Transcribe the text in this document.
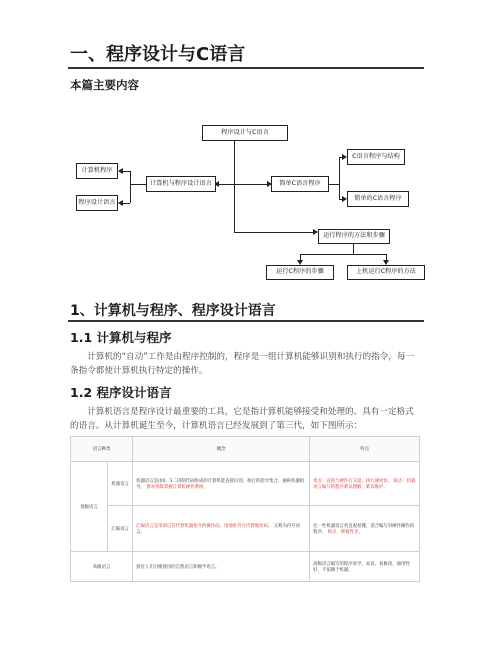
一、程序设计与C语言
本篇主要内容
程序设计与C语言
计算机与程序设计语言
计算机程序
程序设计语言
简单C语言程序
C语言程序与结构
简单的C语言程序
运行程序的方法和步骤
运行C程序的步骤	上机运行C程序的方法
1、计算机与程序、程序设计语言
1.1 计算机与程序
计算机的“自动”工作是由程序控制的，程序是一组计算机能够识别和执行的指令，每一条指令都使计算机执行特定的操作。
1.2 程序设计语言
计算机语言是程序设计最重要的工具，它是指计算机能够接受和处理的、具有一定格式的语言。从计算机诞生至今，计算机语言已经发展到了第三代，如下图所示：
语言种类		概念	特点
低级语言	机器语言	机器语言是由0、1二进制代码组成的计算机能直接识别，执行的指令集合，通称机器指令。 要求熟练掌握计算机硬件系统。	优点：直接与硬件打交道，执行速度快。 缺点：机器语言编写的程序难以理解，难以维护。
	汇编语言	汇编语言是用助记符代替机器指令的操作码，用地址符号代替地址码。 又称为符号语言。	比一些机器语言更直观易懂，适合编写对硬件操作的程序。 缺点：移植性差。
高级语言		接近人们习惯使用的自然语言和数学语言。	高级语言编写的程序易学、易读、易修改，通用性好，不依赖于机器。
